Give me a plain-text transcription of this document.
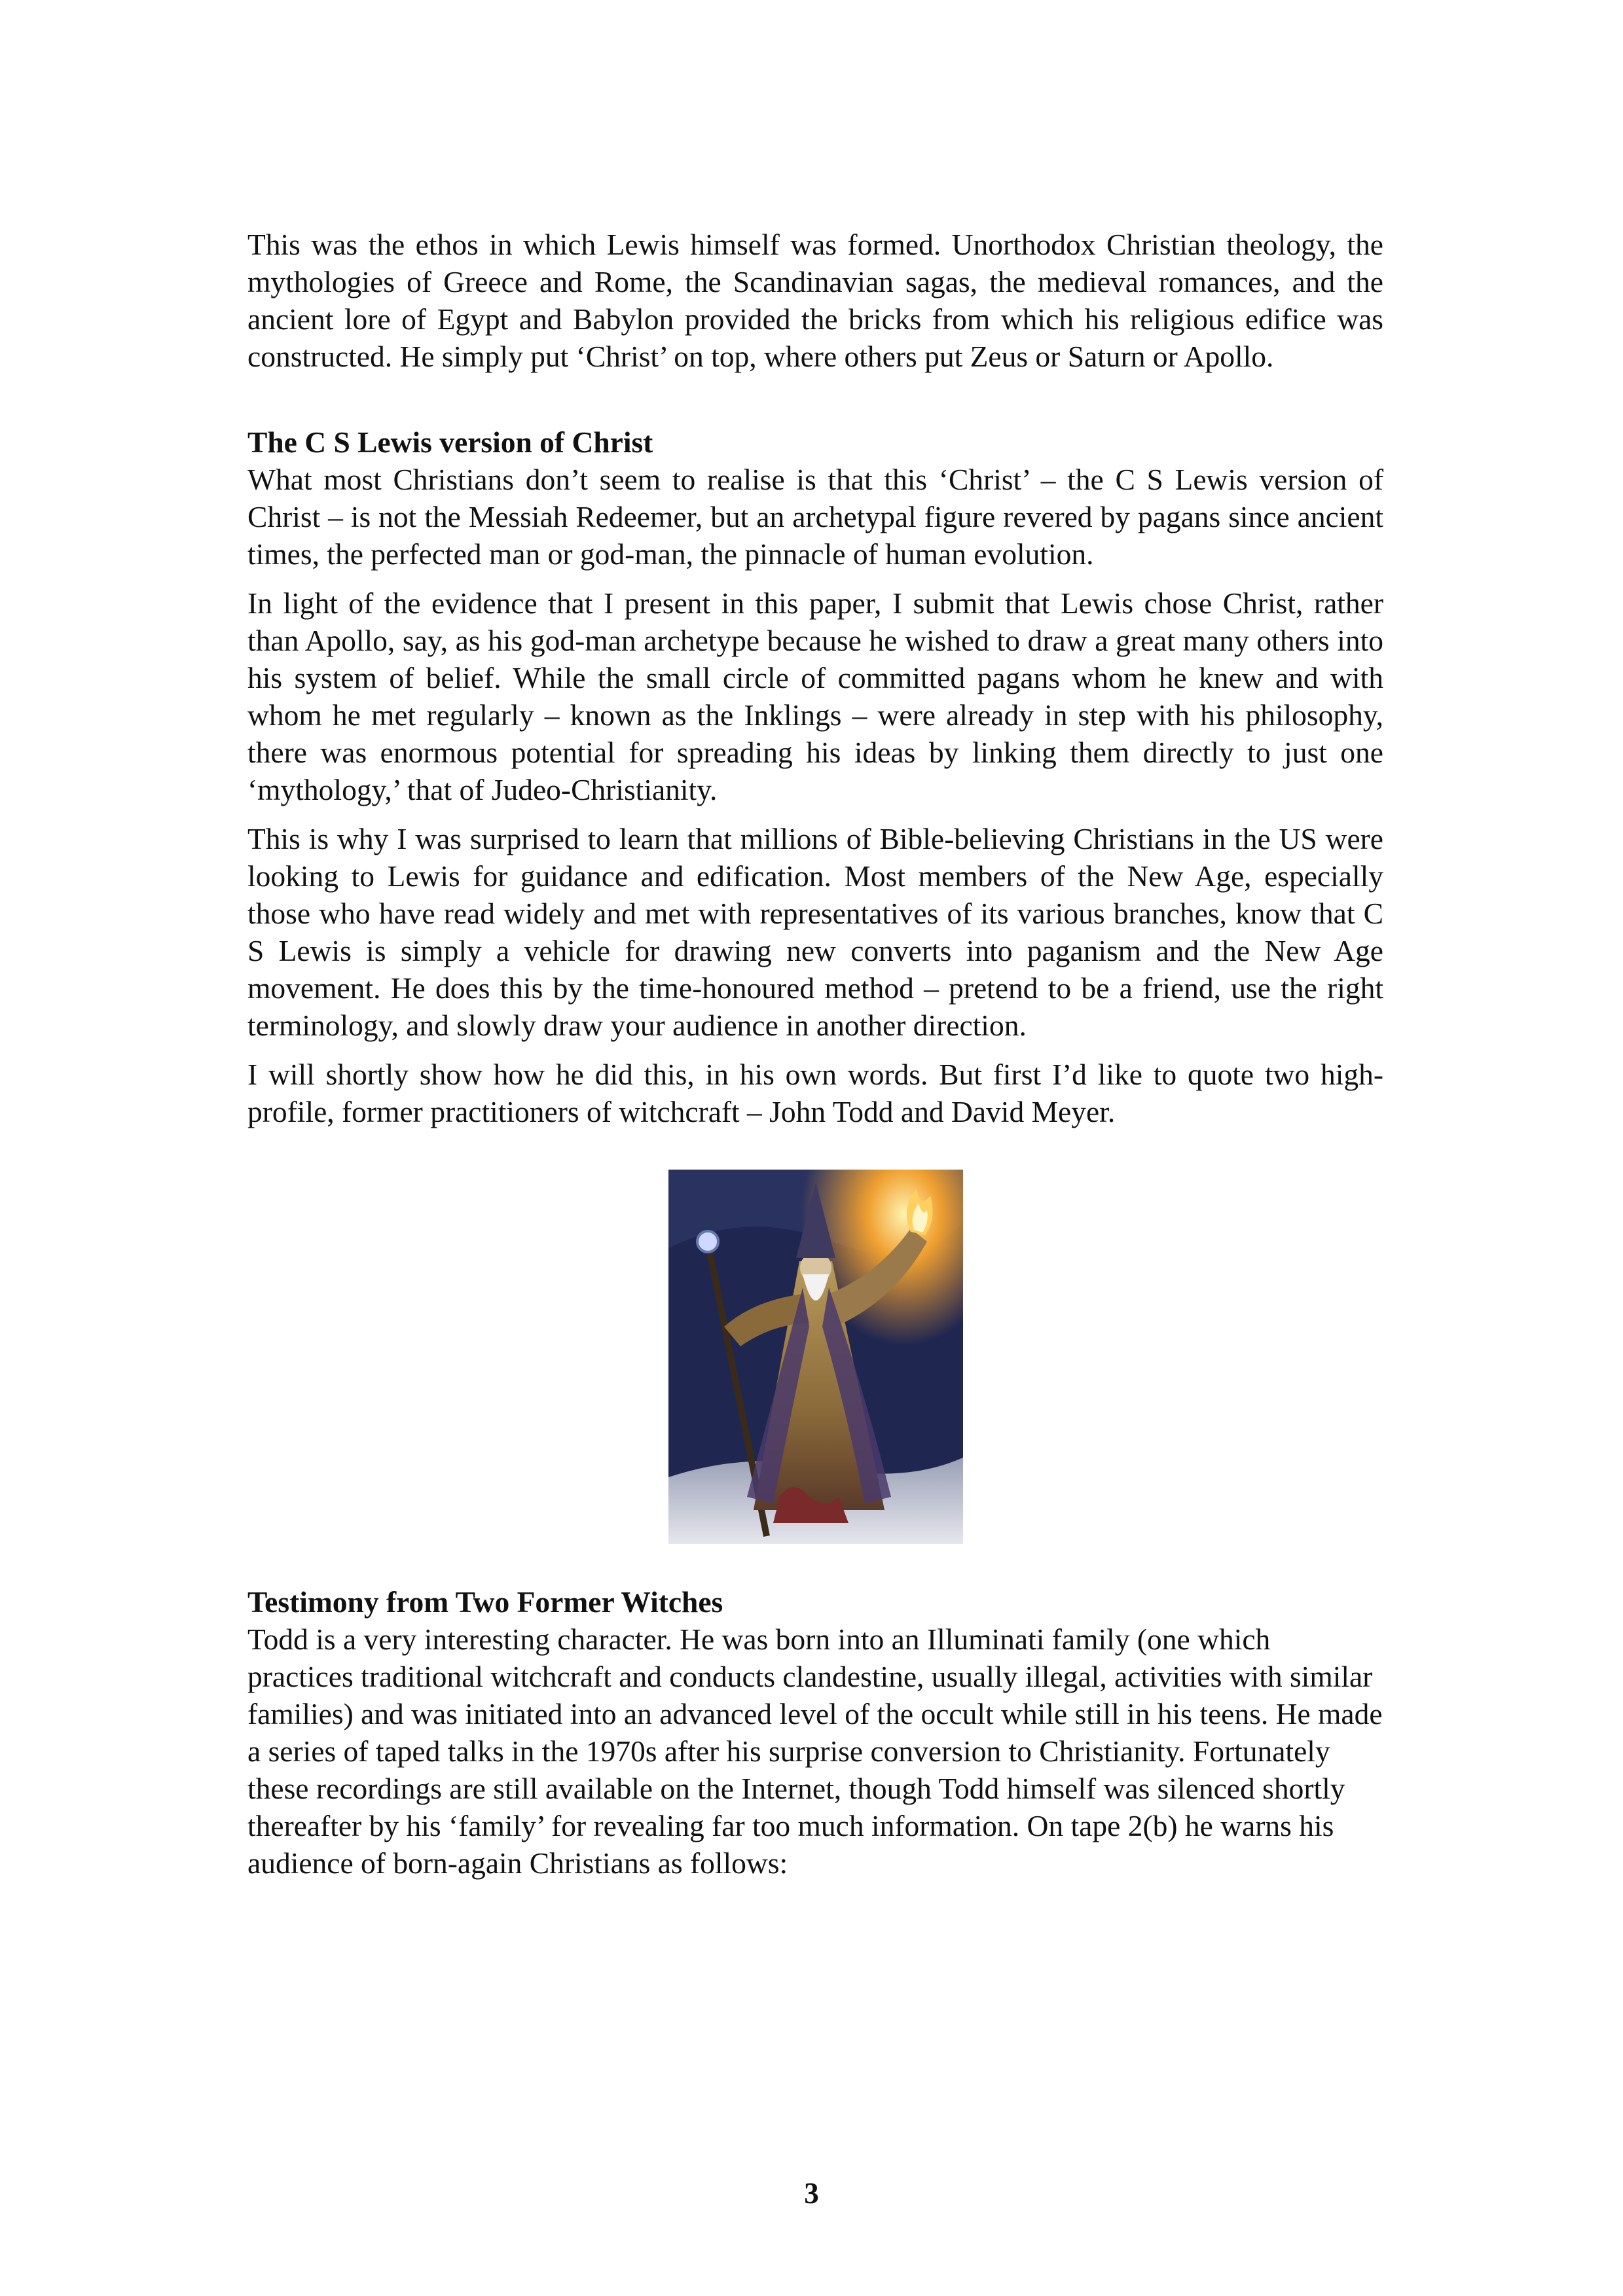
This was the ethos in which Lewis himself was formed. Unorthodox Christian theology, the mythologies of Greece and Rome, the Scandinavian sagas, the medieval romances, and the ancient lore of Egypt and Babylon provided the bricks from which his religious edifice was constructed. He simply put ‘Christ’ on top, where others put Zeus or Saturn or Apollo.

The C S Lewis version of Christ

What most Christians don’t seem to realise is that this ‘Christ’ – the C S Lewis version of Christ – is not the Messiah Redeemer, but an archetypal figure revered by pagans since ancient times, the perfected man or god-man, the pinnacle of human evolution.

In light of the evidence that I present in this paper, I submit that Lewis chose Christ, rather than Apollo, say, as his god-man archetype because he wished to draw a great many others into his system of belief. While the small circle of committed pagans whom he knew and with whom he met regularly – known as the Inklings – were already in step with his philosophy, there was enormous potential for spreading his ideas by linking them directly to just one ‘mythology,’ that of Judeo-Christianity.

This is why I was surprised to learn that millions of Bible-believing Christians in the US were looking to Lewis for guidance and edification. Most members of the New Age, especially those who have read widely and met with representatives of its various branches, know that C S Lewis is simply a vehicle for drawing new converts into paganism and the New Age movement. He does this by the time-honoured method – pretend to be a friend, use the right terminology, and slowly draw your audience in another direction.

I will shortly show how he did this, in his own words. But first I’d like to quote two high-profile, former practitioners of witchcraft – John Todd and David Meyer.

Testimony from Two Former Witches

Todd is a very interesting character. He was born into an Illuminati family (one which practices traditional witchcraft and conducts clandestine, usually illegal, activities with similar families) and was initiated into an advanced level of the occult while still in his teens. He made a series of taped talks in the 1970s after his surprise conversion to Christianity. Fortunately these recordings are still available on the Internet, though Todd himself was silenced shortly thereafter by his ‘family’ for revealing far too much information. On tape 2(b) he warns his audience of born-again Christians as follows:

3
